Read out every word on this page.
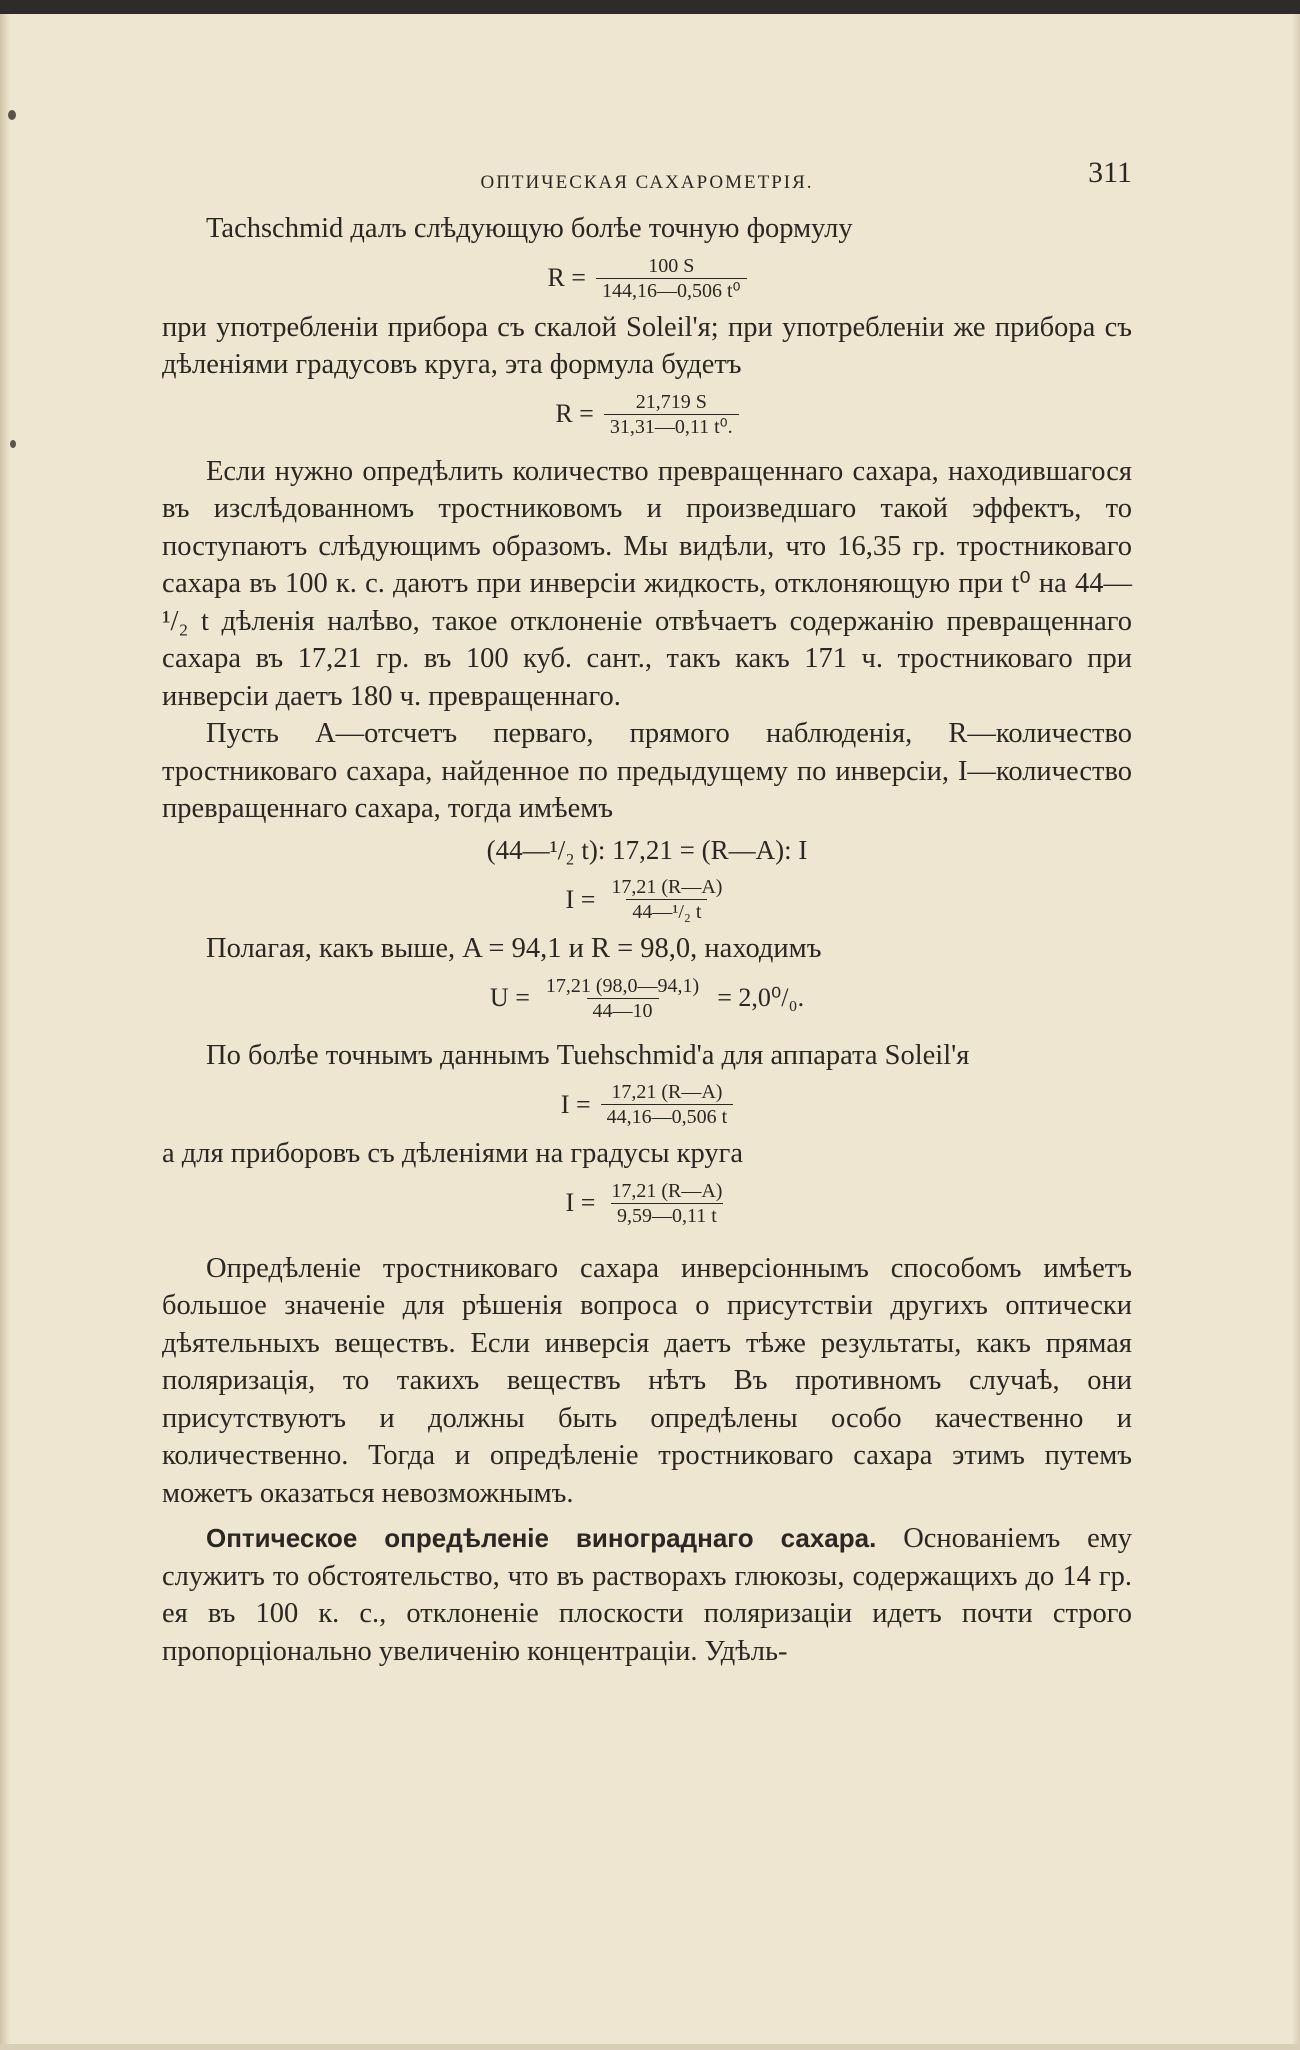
ОПТИЧЕСКАЯ САХАРОМЕТРІЯ.	311

Tachschmid далъ слѣдующую болѣе точную формулу

$R = \frac{100 S}{\text{144,16—0,506 t⁰}}$

при употребленіи прибора съ скалой Soleil'я; при употребленіи же прибора съ дѣленіями градусовъ круга, эта формула будетъ

$R = \frac{21,719 S}{\text{31,31—0,11 t⁰.}}$

Если нужно опредѣлить количество превращеннаго сахара, находившагося въ изслѣдованномъ тростниковомъ и произведшаго такой эффектъ, то поступаютъ слѣдующимъ образомъ. Мы видѣли, что 16,35 гр. тростниковаго сахара въ 100 к. с. даютъ при инверсіи жидкость, отклоняющую при t⁰ на 44—¹/₂ t дѣленія налѣво, такое отклоненіе отвѣчаетъ содержанію превращеннаго сахара въ 17,21 гр. въ 100 куб. сант., такъ какъ 171 ч. тростниковаго при инверсіи даетъ 180 ч. превращеннаго.

Пусть A—отсчетъ перваго, прямого наблюденія, R—количество тростниковаго сахара, найденное по предыдущему по инверсіи, I—количество превращеннаго сахара, тогда имѣемъ

(44—¹/₂ t): 17,21 = (R—A): I
$I = \frac{17,21 (R—A)}{\text{44—¹/₂ t}}$

Полагая, какъ выше, A = 94,1 и R = 98,0, находимъ

$U = \frac{17,21 (98,0—94,1)}{44—10} = 2,0^0/_0$.

По болѣе точнымъ даннымъ Tuehschmid'а для аппарата Soleil'я

$I = \frac{17,21 (R—A)}{44,16—0,506 t}$

а для приборовъ съ дѣленіями на градусы круга

$I = \frac{17,21 (R—A)}{9,59—0,11 t}$

Опредѣленіе тростниковаго сахара инверсіоннымъ способомъ имѣетъ большое значеніе для рѣшенія вопроса о присутствіи другихъ оптически дѣятельныхъ веществъ. Если инверсія даетъ тѣже результаты, какъ прямая поляризація, то такихъ веществъ нѣтъ Въ противномъ случаѣ, они присутствуютъ и должны быть опредѣлены особо качественно и количественно. Тогда и опредѣленіе тростниковаго сахара этимъ путемъ можетъ оказаться невозможнымъ.

Оптическое опредѣленіе винограднаго сахара. Основаніемъ ему служитъ то обстоятельство, что въ растворахъ глюкозы, содержащихъ до 14 гр. ея въ 100 к. с., отклоненіе плоскости поляризаціи идетъ почти строго пропорціонально увеличенію концентраціи. Удѣль-
